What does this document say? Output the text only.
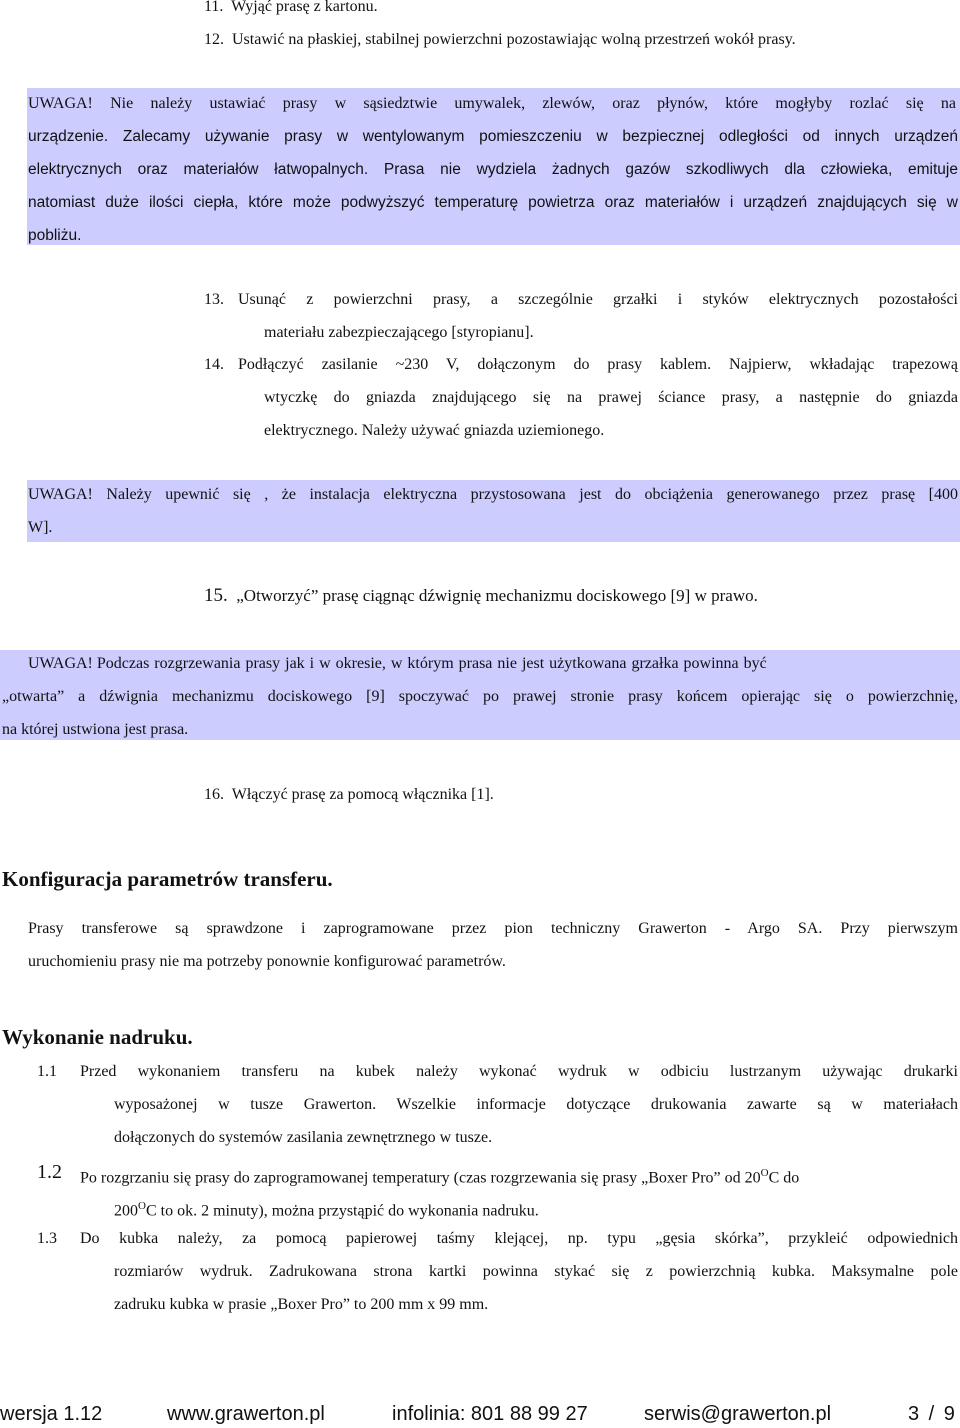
11. Wyjąć prasę z kartonu.
12. Ustawić na płaskiej, stabilnej powierzchni pozostawiając wolną przestrzeń wokół prasy.
UWAGA! Nie należy ustawiać prasy w sąsiedztwie umywalek, zlewów, oraz płynów, które mogłyby rozlać się na
urządzenie. Zalecamy używanie prasy w wentylowanym pomieszczeniu w bezpiecznej odległości od innych urządzeń
elektrycznych oraz materiałów łatwopalnych. Prasa nie wydziela żadnych gazów szkodliwych dla człowieka, emituje
natomiast duże ilości ciepła, które może podwyższyć temperaturę powietrza oraz materiałów i urządzeń znajdujących się w
pobliżu.
13. Usunąć z powierzchni prasy, a szczególnie grzałki i styków elektrycznych pozostałości
materiału zabezpieczającego [styropianu].
14. Podłączyć zasilanie ~230 V, dołączonym do prasy kablem. Najpierw, wkładając trapezową
wtyczkę do gniazda znajdującego się na prawej ściance prasy, a następnie do gniazda
elektrycznego. Należy używać gniazda uziemionego.
UWAGA! Należy upewnić się , że instalacja elektryczna przystosowana jest do obciążenia generowanego przez prasę [400
W].
15. „Otworzyć” prasę ciągnąc dźwignię mechanizmu dociskowego [9] w prawo.
UWAGA! Podczas rozgrzewania prasy jak i w okresie, w którym prasa nie jest użytkowana grzałka powinna być
„otwarta” a dźwignia mechanizmu dociskowego [9] spoczywać po prawej stronie prasy końcem opierając się o powierzchnię,
na której ustwiona jest prasa.
16. Włączyć prasę za pomocą włącznika [1].
Konfiguracja parametrów transferu.
Prasy transferowe są sprawdzone i zaprogramowane przez pion techniczny Grawerton - Argo SA. Przy pierwszym
uruchomieniu prasy nie ma potrzeby ponownie konfigurować parametrów.
Wykonanie nadruku.
1.1 Przed wykonaniem transferu na kubek należy wykonać wydruk w odbiciu lustrzanym używając drukarki
wyposażonej w tusze Grawerton. Wszelkie informacje dotyczące drukowania zawarte są w materiałach
dołączonych do systemów zasilania zewnętrznego w tusze.
1.2 Po rozgrzaniu się prasy do zaprogramowanej temperatury (czas rozgrzewania się prasy „Boxer Pro” od $20^OC$ do
$200^OC$ to ok. 2 minuty), można przystąpić do wykonania nadruku.
1.3 Do kubka należy, za pomocą papierowej taśmy klejącej, np. typu „gęsia skórka”, przykleić odpowiednich
rozmiarów wydruk. Zadrukowana strona kartki powinna stykać się z powierzchnią kubka. Maksymalne pole
zadruku kubka w prasie „Boxer Pro” to 200 mm x 99 mm.
wersja 1.12	www.grawerton.pl	infolinia: 801 88 99 27	serwis@grawerton.pl	3 / 9
